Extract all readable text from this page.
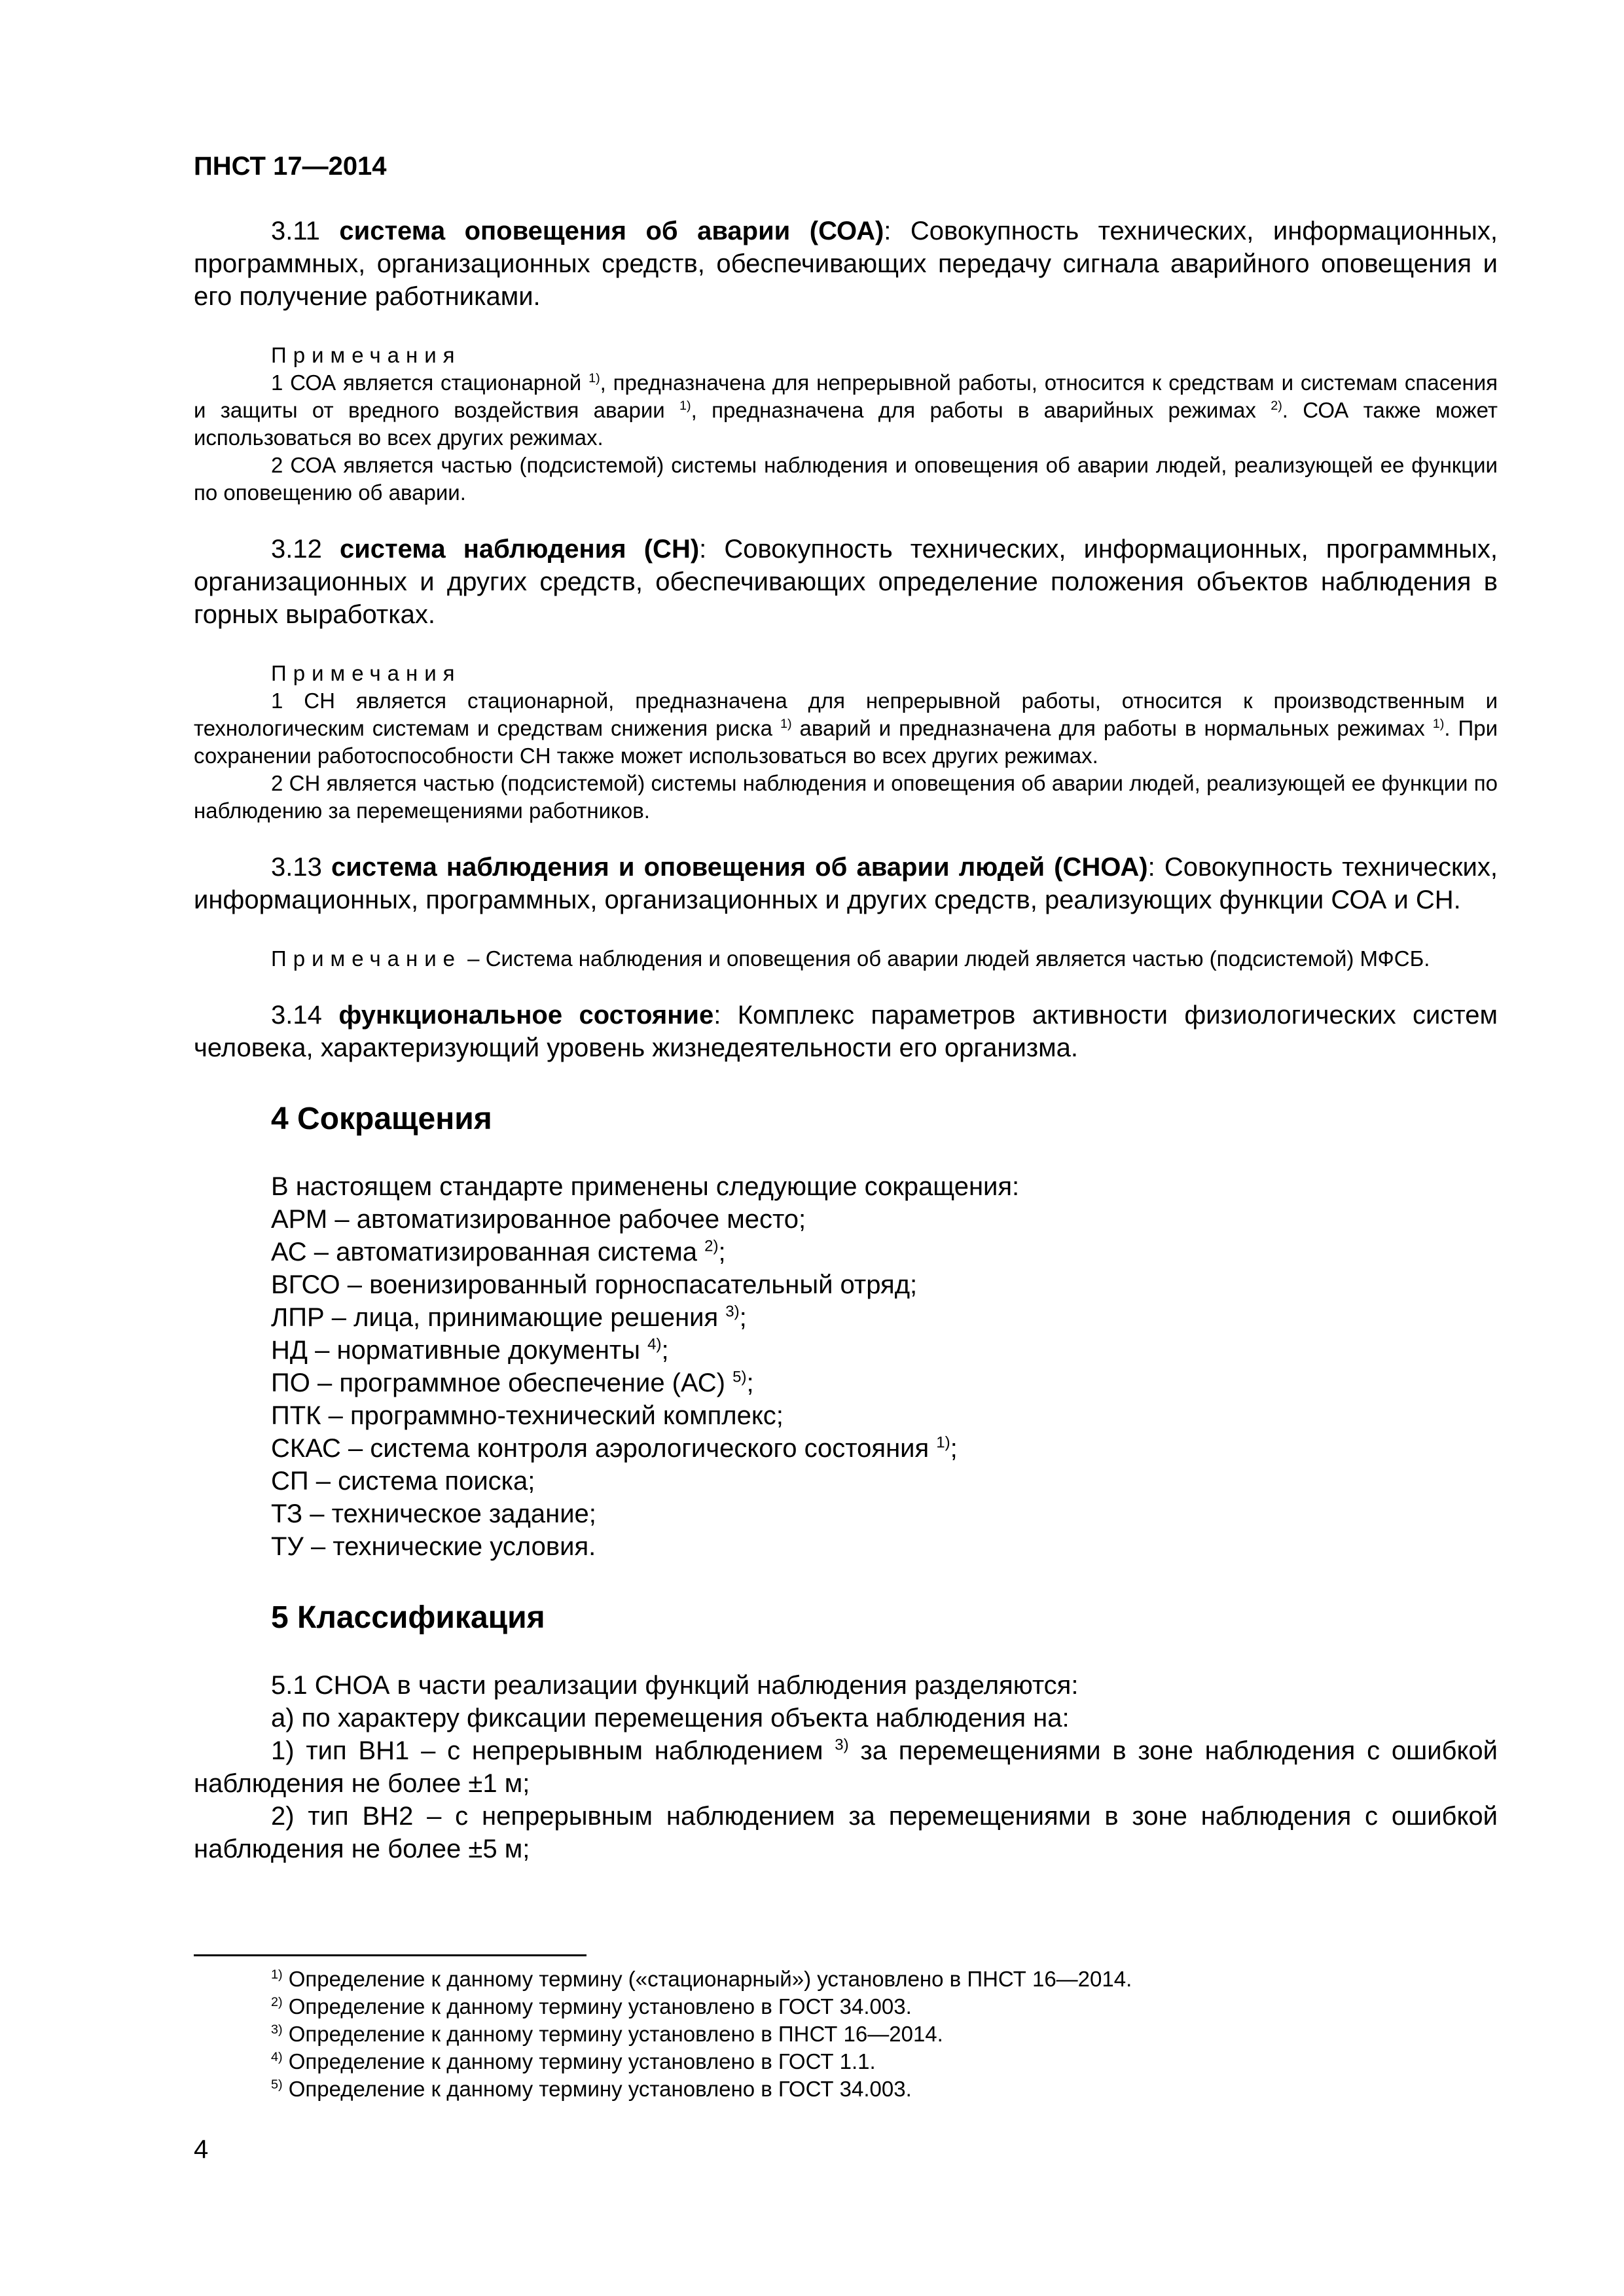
ПНСТ 17—2014

3.11 система оповещения об аварии (СОА): Совокупность технических, информационных, программных, организационных средств, обеспечивающих передачу сигнала аварийного оповещения и его получение работниками.

Примечания

1 СОА является стационарной $^{1)}$, предназначена для непрерывной работы, относится к средствам и системам спасения и защиты от вредного воздействия аварии $^{1)}$, предназначена для работы в аварийных режимах $^{2)}$. СОА также может использоваться во всех других режимах.

2 СОА является частью (подсистемой) системы наблюдения и оповещения об аварии людей, реализующей ее функции по оповещению об аварии.

3.12 система наблюдения (СН): Совокупность технических, информационных, программных, организационных и других средств, обеспечивающих определение положения объектов наблюдения в горных выработках.

Примечания

1 СН является стационарной, предназначена для непрерывной работы, относится к производственным и технологическим системам и средствам снижения риска $^{1)}$ аварий и предназначена для работы в нормальных режимах $^{1)}$. При сохранении работоспособности СН также может использоваться во всех других режимах.

2 СН является частью (подсистемой) системы наблюдения и оповещения об аварии людей, реализующей ее функции по наблюдению за перемещениями работников.

3.13 система наблюдения и оповещения об аварии людей (СНОА): Совокупность технических, информационных, программных, организационных и других средств, реализующих функции СОА и СН.

Примечание – Система наблюдения и оповещения об аварии людей является частью (подсистемой) МФСБ.

3.14 функциональное состояние: Комплекс параметров активности физиологических систем человека, характеризующий уровень жизнедеятельности его организма.

4 Сокращения

В настоящем стандарте применены следующие сокращения:

АРМ – автоматизированное рабочее место;

АС – автоматизированная система $^{2)}$;

ВГСО – военизированный горноспасательный отряд;

ЛПР – лица, принимающие решения $^{3)}$;

НД – нормативные документы $^{4)}$;

ПО – программное обеспечение (АС) $^{5)}$;

ПТК – программно-технический комплекс;

СКАС – система контроля аэрологического состояния $^{1)}$;

СП – система поиска;

ТЗ – техническое задание;

ТУ – технические условия.

5 Классификация

5.1 СНОА в части реализации функций наблюдения разделяются:

а) по характеру фиксации перемещения объекта наблюдения на:

1) тип ВН1 – с непрерывным наблюдением $^{3)}$ за перемещениями в зоне наблюдения с ошибкой наблюдения не более ±1 м;

2) тип ВН2 – с непрерывным наблюдением за перемещениями в зоне наблюдения с ошибкой наблюдения не более ±5 м;

$^{1)}$ Определение к данному термину («стационарный») установлено в ПНСТ 16—2014.

$^{2)}$ Определение к данному термину установлено в ГОСТ 34.003.

$^{3)}$ Определение к данному термину установлено в ПНСТ 16—2014.

$^{4)}$ Определение к данному термину установлено в ГОСТ 1.1.

$^{5)}$ Определение к данному термину установлено в ГОСТ 34.003.

4
